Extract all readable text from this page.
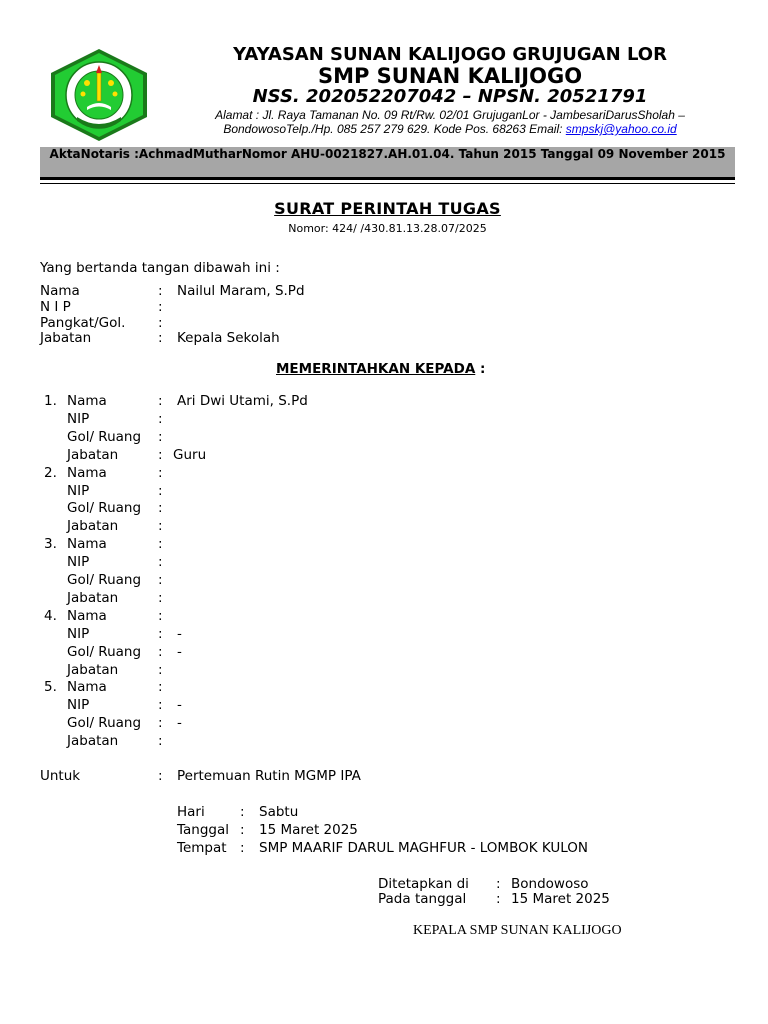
YAYASAN SUNAN KALIJOGO GRUJUGAN LOR
SMP SUNAN KALIJOGO
NSS. 202052207042 – NPSN. 20521791
Alamat : Jl. Raya Tamanan No. 09 Rt/Rw. 02/01 GrujuganLor - JambesariDarusSholah –
BondowosoTelp./Hp. 085 257 279 629. Kode Pos. 68263 Email: smpskj@yahoo.co.id
AktaNotaris :AchmadMutharNomor AHU-0021827.AH.01.04. Tahun 2015 Tanggal 09 November 2015
SURAT PERINTAH TUGAS
Nomor: 424/ /430.81.13.28.07/2025
Yang bertanda tangan dibawah ini :
Nama	: Nailul Maram, S.Pd
N I P	:
Pangkat/Gol. :
Jabatan	: Kepala Sekolah
MEMERINTAHKAN KEPADA :
1. Nama	: Ari Dwi Utami, S.Pd
NIP	:
Gol/ Ruang :
Jabatan	: Guru
2. Nama	:
NIP	:
Gol/ Ruang :
Jabatan	:
3. Nama	:
NIP	:
Gol/ Ruang :
Jabatan	:
4. Nama	:
NIP	: -
Gol/ Ruang : -
Jabatan	:
5. Nama	:
NIP	: -
Gol/ Ruang : -
Jabatan	:
Untuk	: Pertemuan Rutin MGMP IPA
Hari	: Sabtu
Tanggal : 15 Maret 2025
Tempat : SMP MAARIF DARUL MAGHFUR - LOMBOK KULON
Ditetapkan di : Bondowoso
Pada tanggal : 15 Maret 2025
KEPALA SMP SUNAN KALIJOGO
